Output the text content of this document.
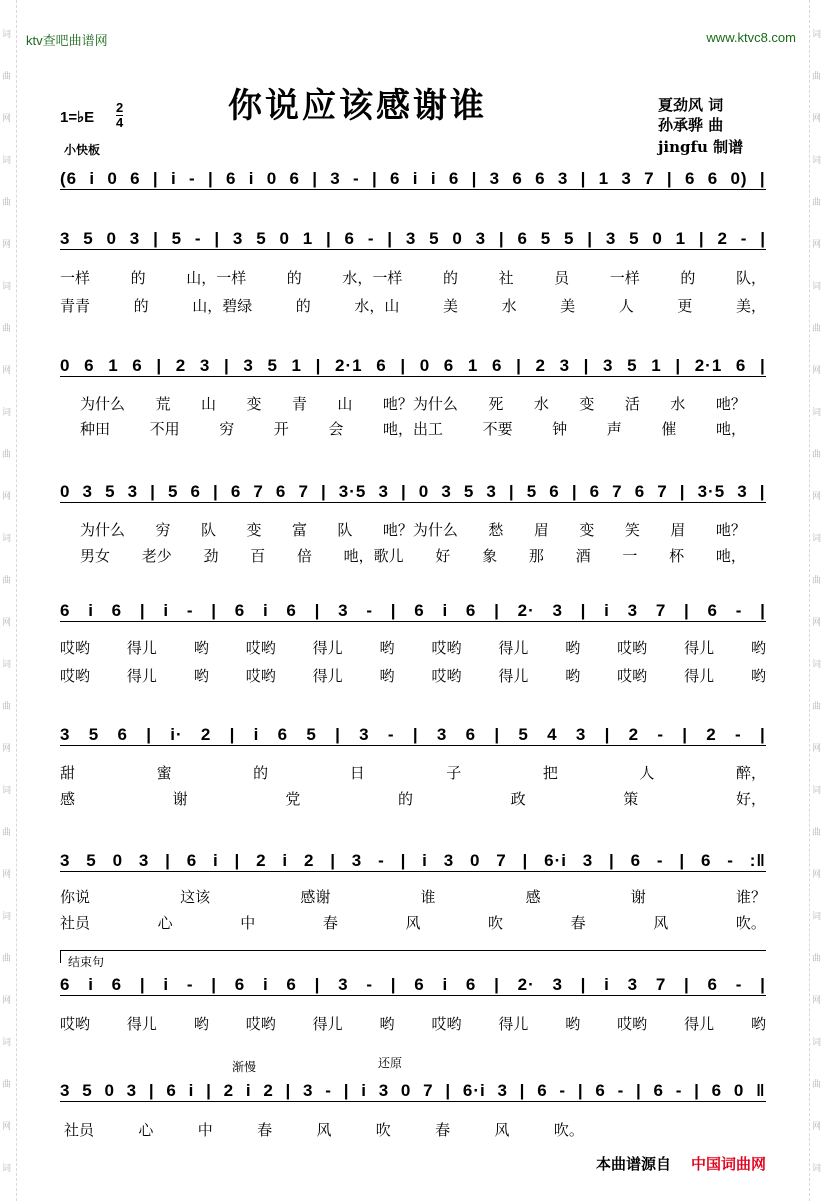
词
曲
网
词
曲
网
词
曲
网
词
曲
网
词
曲
网
词
曲
网
词
曲
网
词
曲
网
词
曲
网
词
词
曲
网
词
曲
网
词
曲
网
词
曲
网
词
曲
网
词
曲
网
词
曲
网
词
曲
网
词
曲
网
词
ktv查吧曲谱网	www.ktvc8.com
你说应该感谢谁	夏劲风 词
孙承骅 曲
jingfu 制谱
1=♭E
2
4
小快板
(6 i 0 6 | i - | 6 i 0 6 | 3 - | 6 i i 6 | 3 6 6 3 | 1 3 7 | 6 6 0) |
3 5 0 3 | 5 - | 3 5 0 1 | 6 - | 3 5 0 3 | 6 5 5 | 3 5 0 1 | 2 - |
一样	的	山，一样	的	水，一样	的	社	员	一样	的	队，
青青	的	山，碧绿	的	水，山	美	水	美	人	更	美，
0 6 1 6 | 2 3 | 3 5 1 | 2·1 6 | 0 6 1 6 | 2 3 | 3 5 1 | 2·1 6 |
为什么 荒 山 变 青 山 吔？为什么 死 水 变 活 水 吔？
种田	不用	穷	开	会	吔，出工	不要	钟	声	催	吔，
0 3 5 3 | 5 6 | 6 7 6 7 | 3·5 3 | 0 3 5 3 | 5 6 | 6 7 6 7 | 3·5 3 |
为什么 穷 队 变 富 队 吔？为什么 愁 眉 变 笑 眉 吔？
男女 老少 劲 百 倍 吔，歌儿 好 象 那 酒 一 杯 吔，
6 i 6 | i - | 6 i 6 | 3 - | 6 i 6 | 2· 3 | i 3 7 | 6 - |
哎哟 得儿 哟 哎哟 得儿 哟 哎哟 得儿 哟 哎哟 得儿 哟
哎哟 得儿 哟 哎哟 得儿 哟 哎哟 得儿 哟 哎哟 得儿 哟
3 5 6 | i· 2 | i 6 5 | 3 - | 3 6 | 5 4 3 | 2 - | 2 - |
甜	蜜	的	日	子	把	人	醉，
感	谢	党	的	政	策	好，
3 5 0 3 | 6 i | 2 i 2 | 3 - | i 3 0 7 | 6·i 3 | 6 - | 6 - :‖
你说	这该	感谢	谁	感	谢	谁？
社员	心	中	春	风	吹	春	风	吹。
结束句
6 i 6 | i - | 6 i 6 | 3 - | 6 i 6 | 2· 3 | i 3 7 | 6 - |
哎哟 得儿 哟 哎哟 得儿 哟 哎哟 得儿 哟 哎哟 得儿 哟
渐慢	还原
3 5 0 3 | 6 i | 2 i 2 | 3 - | i 3 0 7 | 6·i 3 | 6 - | 6 - | 6 - | 6 0 ‖
社员	心	中	春	风	吹	春	风	吹。
本曲谱源自 中国词曲网
